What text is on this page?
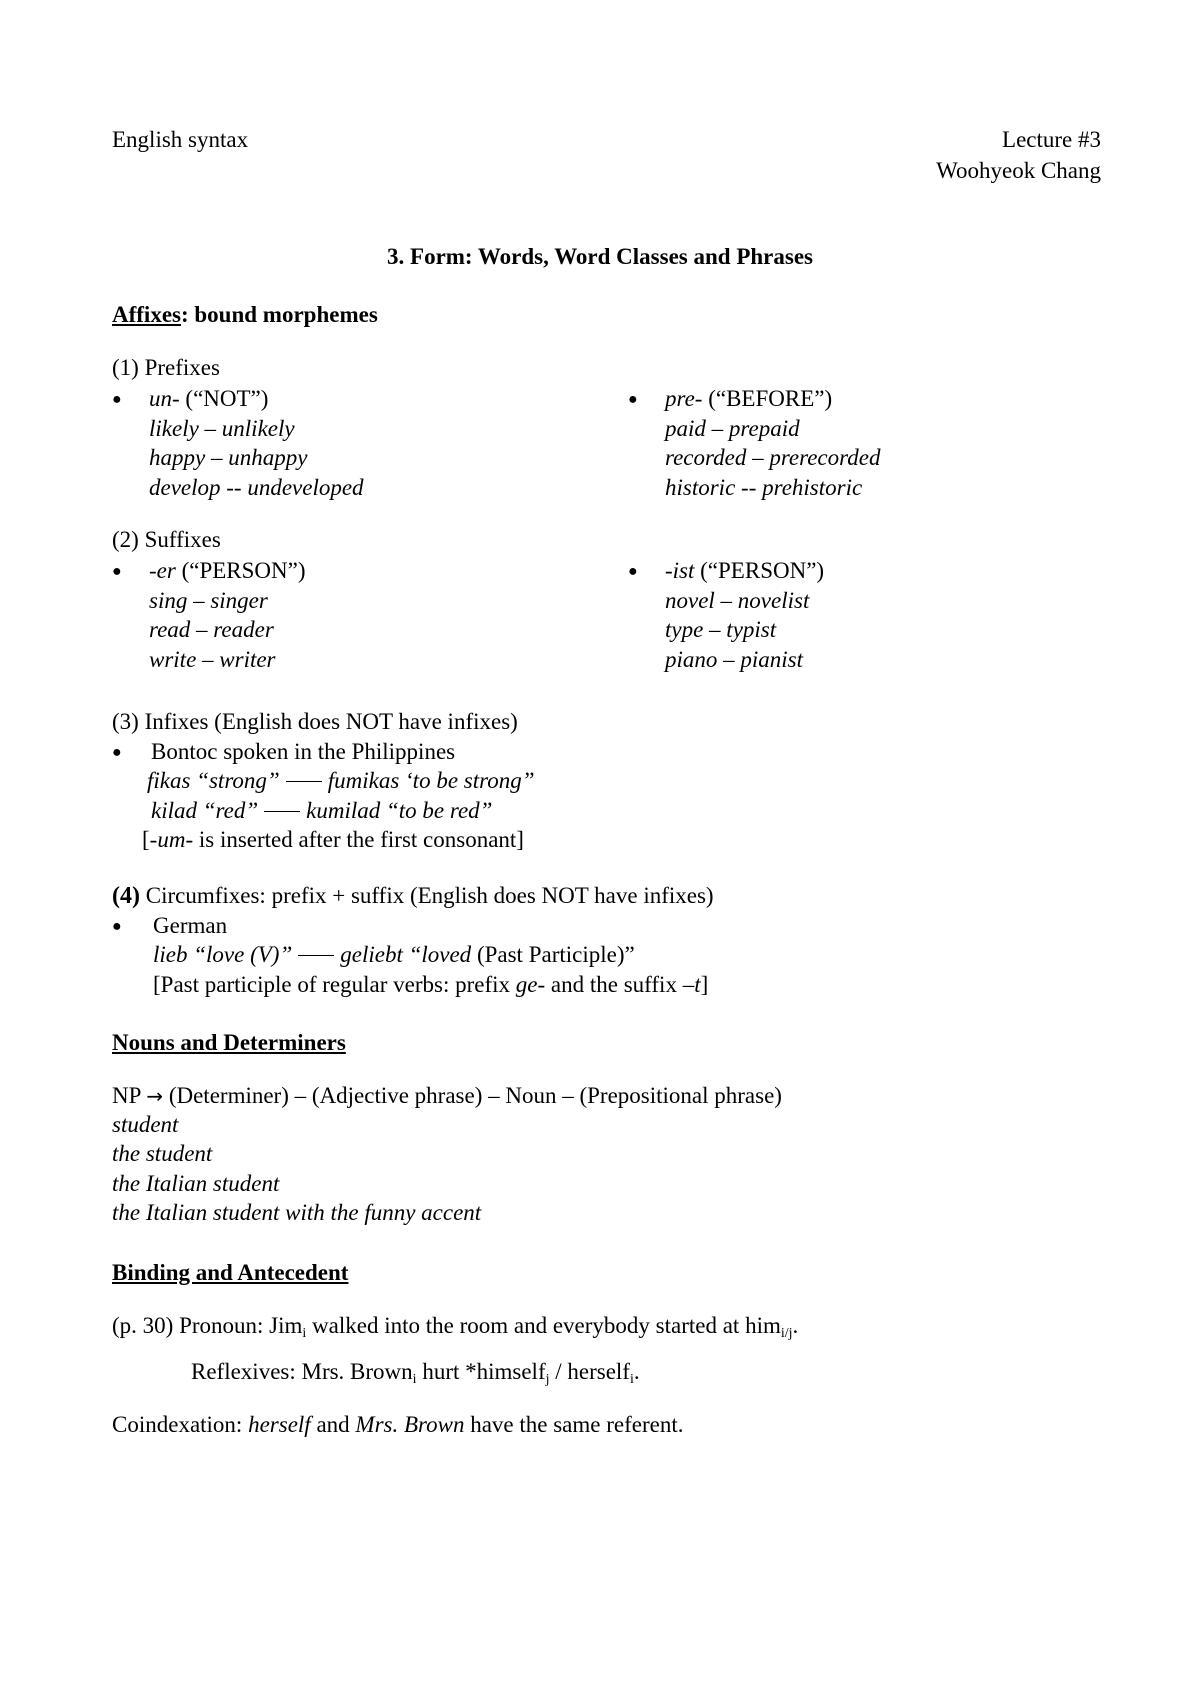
English syntax	Lecture #3
Woohyeok Chang
3. Form: Words, Word Classes and Phrases
Affixes: bound morphemes
(1) Prefixes
● un- (“NOT”)
likely – unlikely
happy – unhappy
develop -- undeveloped
● pre- (“BEFORE”)
paid – prepaid
recorded – prerecorded
historic -- prehistoric
(2) Suffixes
● -er (“PERSON”)
sing – singer
read – reader
write – writer
● -ist (“PERSON”)
novel – novelist
type – typist
piano – pianist
(3) Infixes (English does NOT have infixes)
● Bontoc spoken in the Philippines
fikas “strong” fumikas ‘to be strong”
kilad “red” kumilad “to be red”
[-um- is inserted after the first consonant]
(4) Circumfixes: prefix + suffix (English does NOT have infixes)
● German
lieb “love (V)” geliebt “loved (Past Participle)”
[Past participle of regular verbs: prefix ge- and the suffix –t]
Nouns and Determiners
NP → (Determiner) – (Adjective phrase) – Noun – (Prepositional phrase)
student
the student
the Italian student
the Italian student with the funny accent
Binding and Antecedent
(p. 30) Pronoun: Jim$_i$ walked into the room and everybody started at him$_{i/j}$.
Reflexives: Mrs. Brown$_i$ hurt *himself$_j$ / herself$_i$.
Coindexation: herself and Mrs. Brown have the same referent.
